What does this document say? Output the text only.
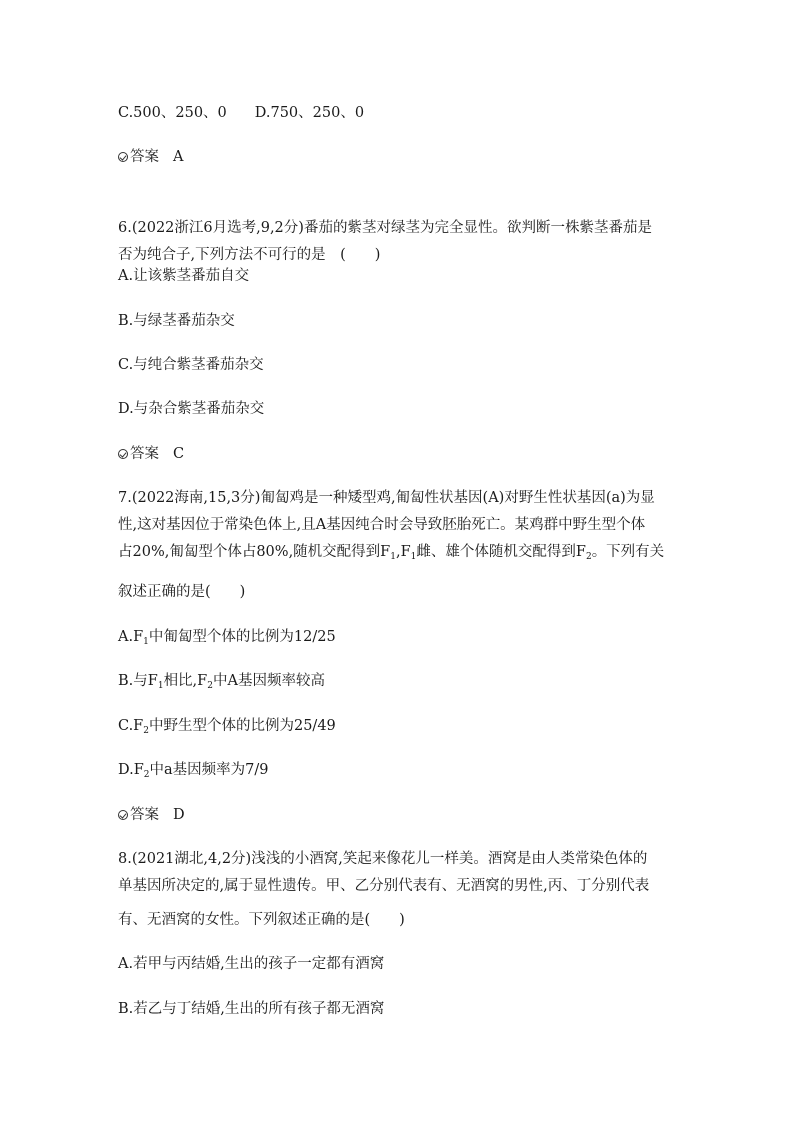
C.500、250、0 D.750、250、0
答案 A
6.(2022浙江6月选考,9,2分)番茄的紫茎对绿茎为完全显性。欲判断一株紫茎番茄是
否为纯合子,下列方法不可行的是　(　　)
A.让该紫茎番茄自交
B.与绿茎番茄杂交
C.与纯合紫茎番茄杂交
D.与杂合紫茎番茄杂交
答案 C
7.(2022海南,15,3分)匍匐鸡是一种矮型鸡,匍匐性状基因(A)对野生性状基因(a)为显
性,这对基因位于常染色体上,且A基因纯合时会导致胚胎死亡。某鸡群中野生型个体
占20%,匍匐型个体占80%,随机交配得到$F_1,F_1$雌、雄个体随机交配得到$F_2$。下列有关
叙述正确的是(　　)
$A.F_1$中匍匐型个体的比例为12/25
B.与$F_1$相比$,F_2$中A基因频率较高
$C.F_2$中野生型个体的比例为25/49
$D.F_2$中a基因频率为7/9
答案 D
8.(2021湖北,4,2分)浅浅的小酒窝,笑起来像花儿一样美。酒窝是由人类常染色体的
单基因所决定的,属于显性遗传。甲、乙分别代表有、无酒窝的男性,丙、丁分别代表
有、无酒窝的女性。下列叙述正确的是(　　)
A.若甲与丙结婚,生出的孩子一定都有酒窝
B.若乙与丁结婚,生出的所有孩子都无酒窝
